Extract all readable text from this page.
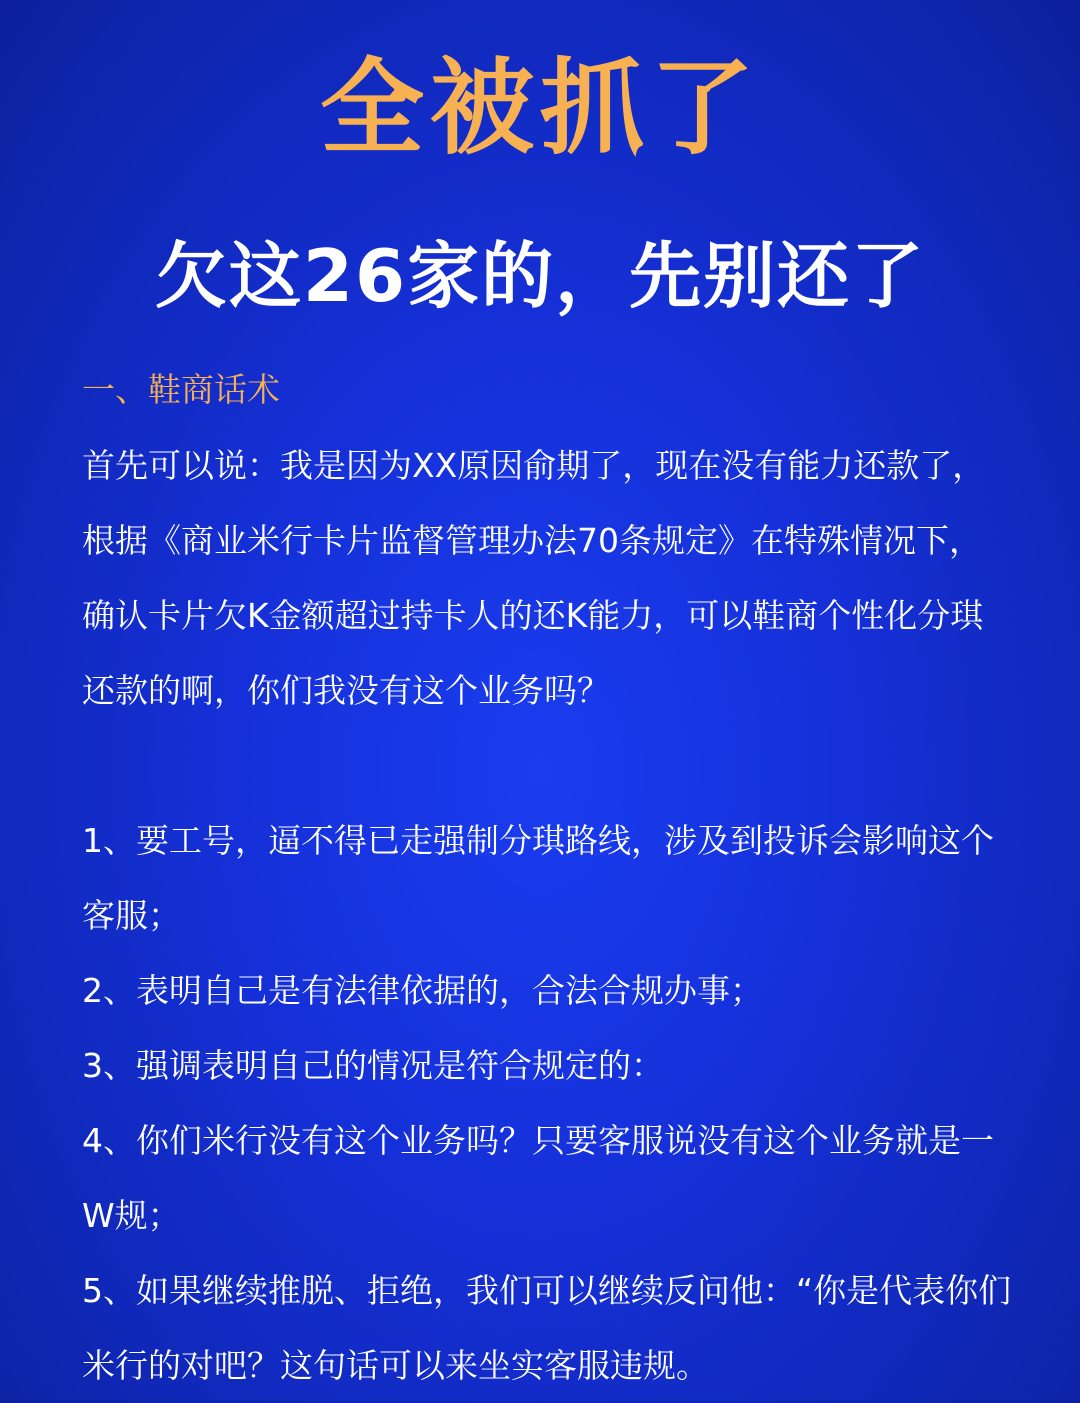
全被抓了
欠这26家的，先别还了
一、鞋商话术

首先可以说：我是因为XX原因俞期了，现在没有能力还款了，根据《商业米行卡片监督管理办法70条规定》在特殊情况下，确认卡片欠K金额超过持卡人的还K能力，可以鞋商个性化分琪还款的啊，你们我没有这个业务吗？

1、要工号，逼不得已走强制分琪路线，涉及到投诉会影响这个客服；

2、表明自己是有法律依据的，合法合规办事；

3、强调表明自己的情况是符合规定的：

4、你们米行没有这个业务吗？只要客服说没有这个业务就是一W规；

5、如果继续推脱、拒绝，我们可以继续反问他：“你是代表你们米行的对吧？这句话可以来坐实客服违规。
